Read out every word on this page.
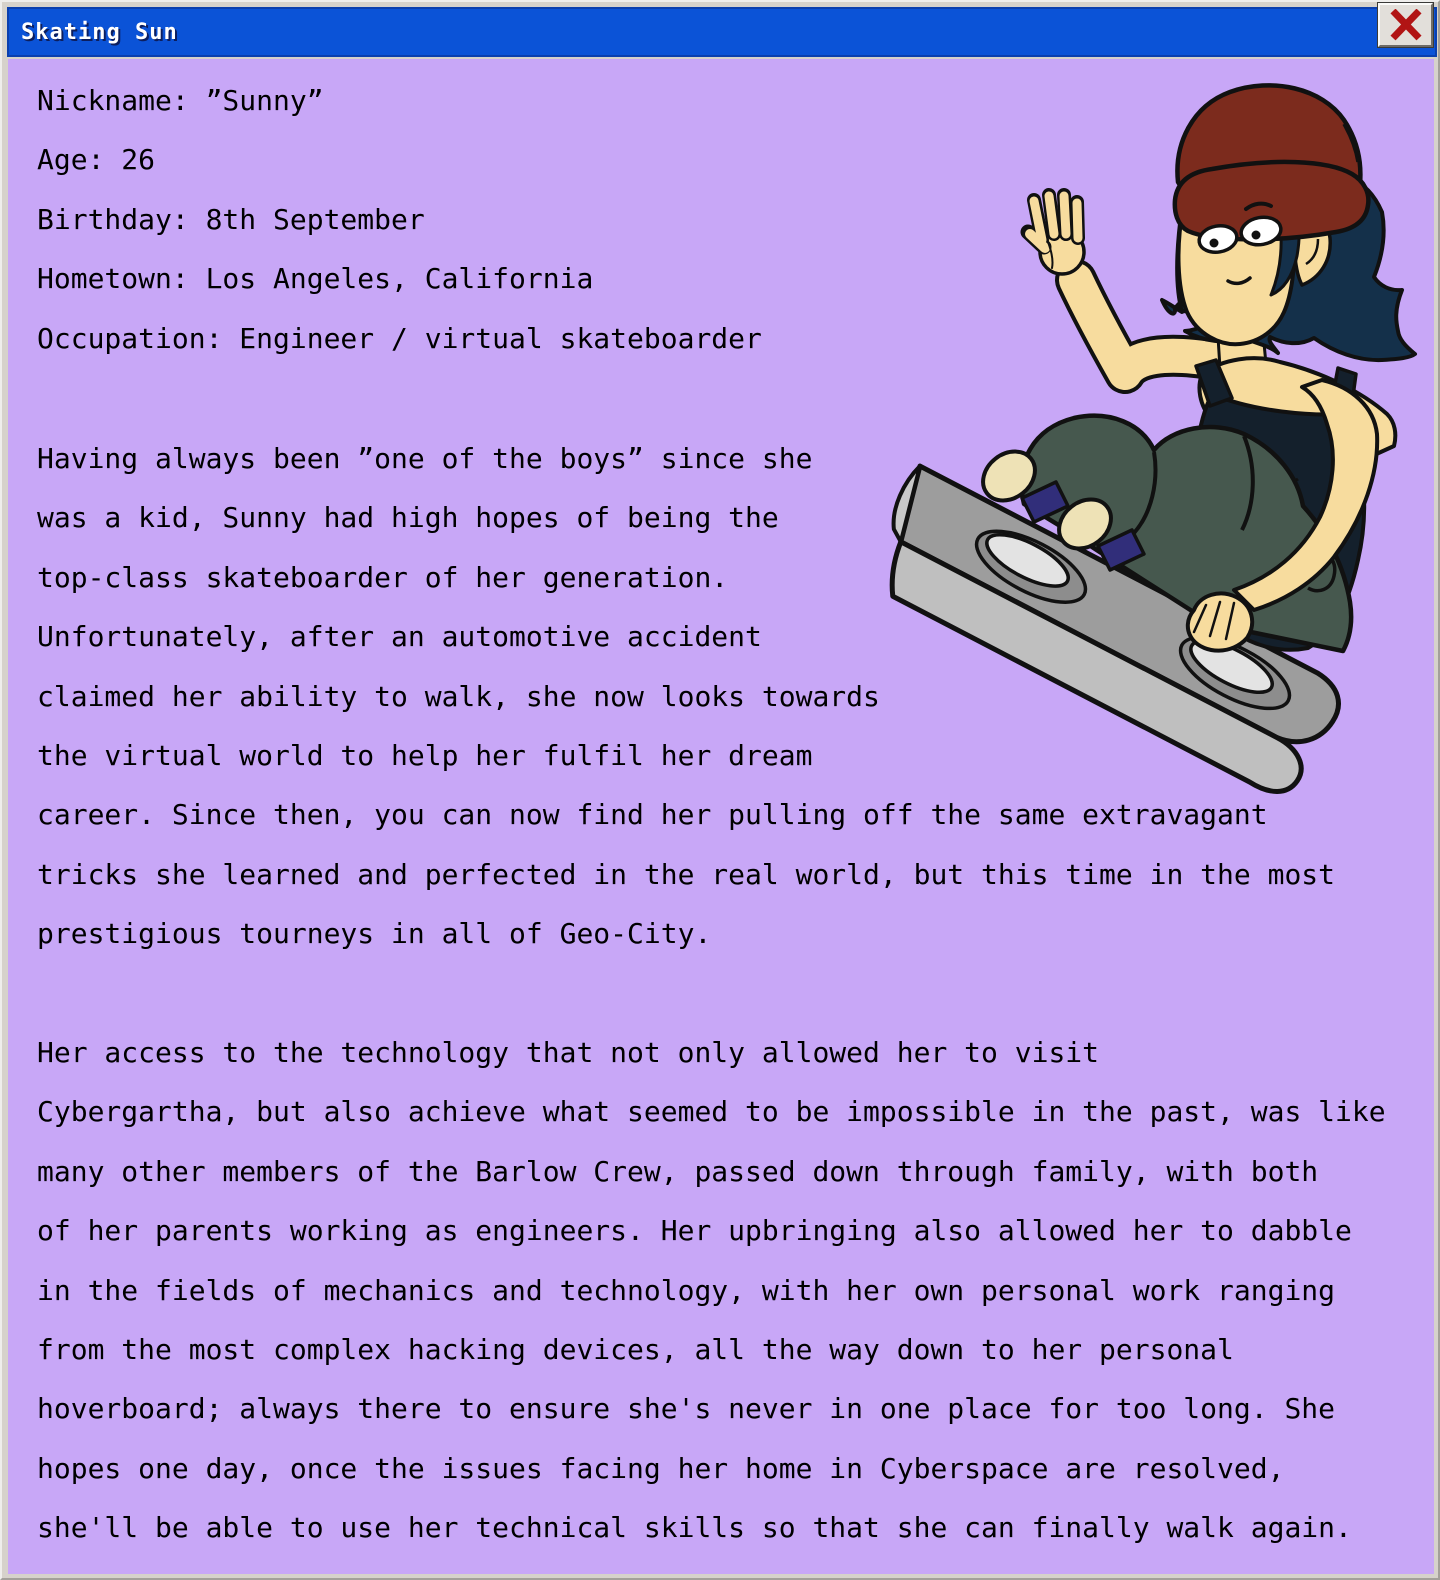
Skating Sun
Nickname: ”Sunny”
Age: 26
Birthday: 8th September
Hometown: Los Angeles, California
Occupation: Engineer / virtual skateboarder
Having always been ”one of the boys” since she
was a kid, Sunny had high hopes of being the
top-class skateboarder of her generation.
Unfortunately, after an automotive accident
claimed her ability to walk, she now looks towards
the virtual world to help her fulfil her dream
career. Since then, you can now find her pulling off the same extravagant
tricks she learned and perfected in the real world, but this time in the most
prestigious tourneys in all of Geo-City.
Her access to the technology that not only allowed her to visit
Cybergartha, but also achieve what seemed to be impossible in the past, was like
many other members of the Barlow Crew, passed down through family, with both
of her parents working as engineers. Her upbringing also allowed her to dabble
in the fields of mechanics and technology, with her own personal work ranging
from the most complex hacking devices, all the way down to her personal
hoverboard; always there to ensure she's never in one place for too long. She
hopes one day, once the issues facing her home in Cyberspace are resolved,
she'll be able to use her technical skills so that she can finally walk again.
